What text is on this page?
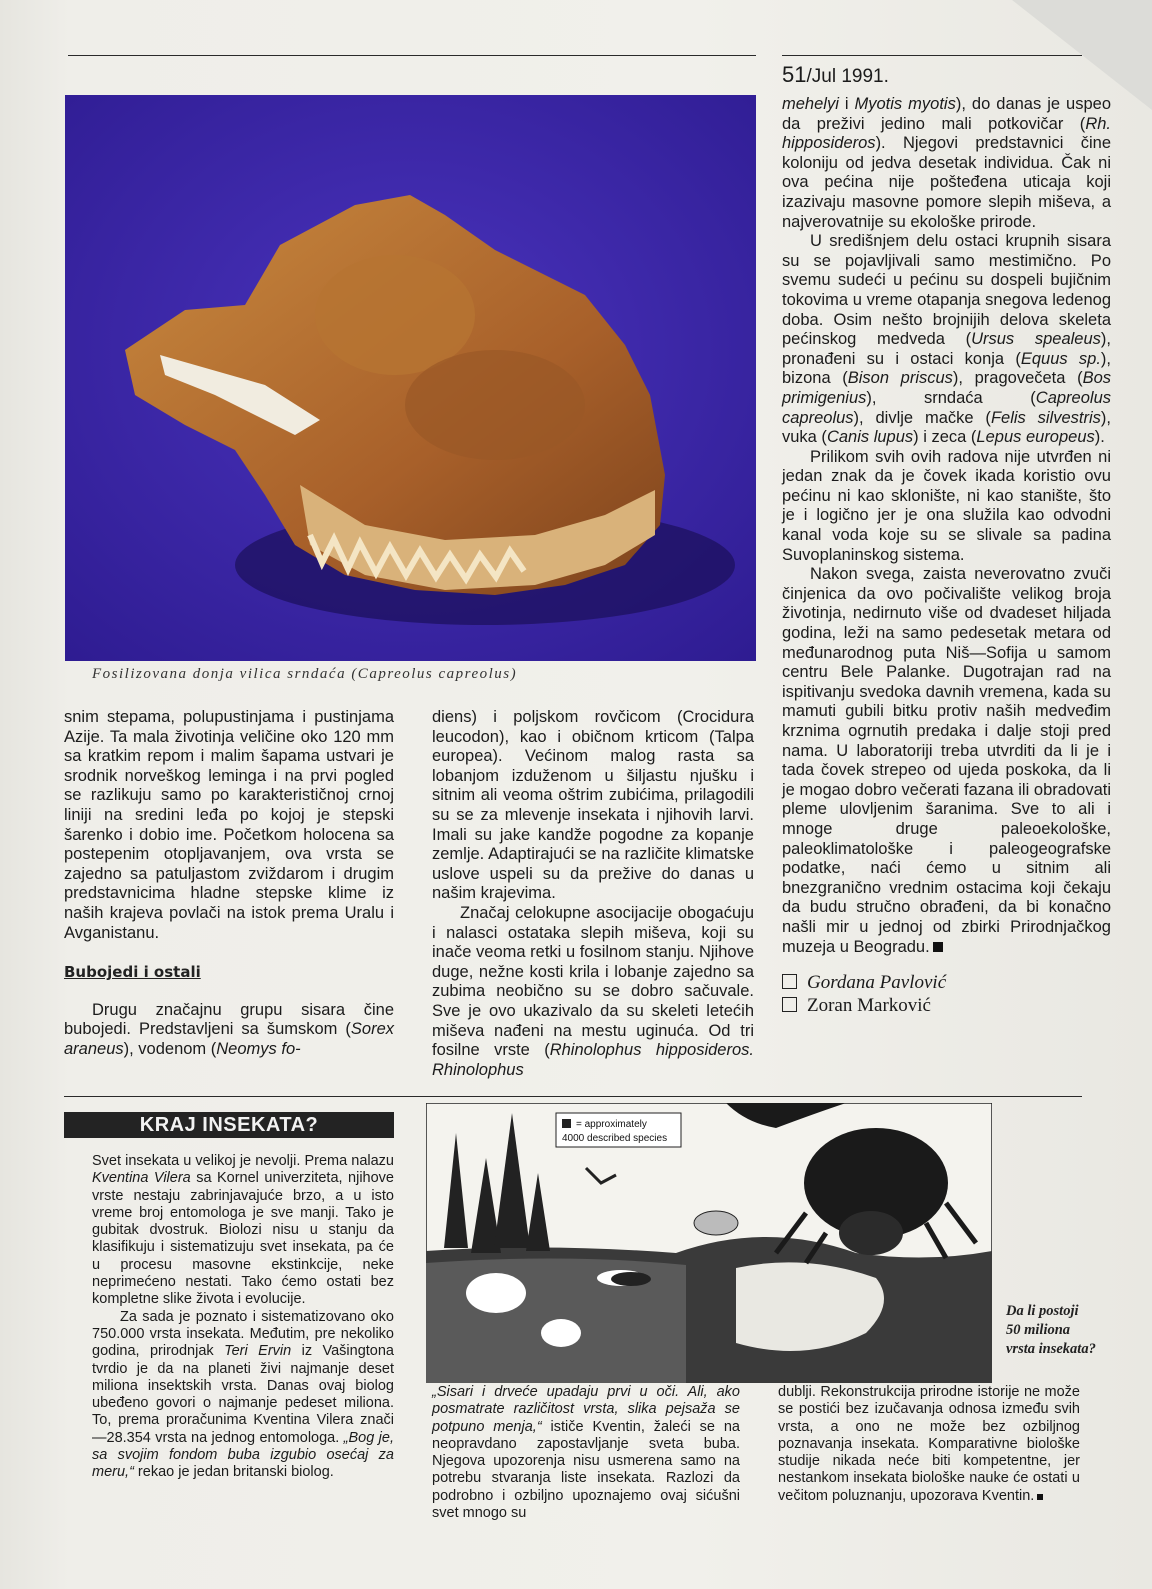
51/Jul 1991.
Fosilizovana donja vilica srndaća (Capreolus capreolus)

snim stepama, polupustinjama i pustinjama Azije. Ta mala životinja veličine oko 120 mm sa kratkim repom i malim šapama ustvari je srodnik norveškog leminga i na prvi pogled se razlikuju samo po karakterističnoj crnoj liniji na sredini leđa po kojoj je stepski šarenko i dobio ime. Početkom holocena sa postepenim otopljavanjem, ova vrsta se zajedno sa patuljastom zviždarom i drugim predstavnicima hladne stepske klime iz naših krajeva povlači na istok prema Uralu i Avganistanu.

Bubojedi i ostali

Drugu značajnu grupu sisara čine bubojedi. Predstavljeni sa šumskom (Sorex araneus), vodenom (Neomys fo-

diens) i poljskom rovčicom (Crocidura leucodon), kao i običnom krticom (Talpa europea). Većinom malog rasta sa lobanjom izduženom u šiljastu njušku i sitnim ali veoma oštrim zubićima, prilagodili su se za mlevenje insekata i njihovih larvi. Imali su jake kandže pogodne za kopanje zemlje. Adaptirajući se na različite klimatske uslove uspeli su da prežive do danas u našim krajevima.

Značaj celokupne asocijacije obogaćuju i nalasci ostataka slepih miševa, koji su inače veoma retki u fosilnom stanju. Njihove duge, nežne kosti krila i lobanje zajedno sa zubima neobično su se dobro sačuvale. Sve je ovo ukazivalo da su skeleti letećih miševa nađeni na mestu uginuća. Od tri fosilne vrste (Rhinolophus hipposideros. Rhinolophus

mehelyi i Myotis myotis), do danas je uspeo da preživi jedino mali potkovičar (Rh. hipposideros). Njegovi predstavnici čine koloniju od jedva desetak individua. Čak ni ova pećina nije pošteđena uticaja koji izazivaju masovne pomore slepih miševa, a najverovatnije su ekološke prirode.

U središnjem delu ostaci krupnih sisara su se pojavljivali samo mestimično. Po svemu sudeći u pećinu su dospeli bujičnim tokovima u vreme otapanja snegova ledenog doba. Osim nešto brojnijih delova skeleta pećinskog medveda (Ursus spealeus), pronađeni su i ostaci konja (Equus sp.), bizona (Bison priscus), pragovečeta (Bos primigenius), srndaća (Capreolus capreolus), divlje mačke (Felis silvestris), vuka (Canis lupus) i zeca (Lepus europeus).

Prilikom svih ovih radova nije utvrđen ni jedan znak da je čovek ikada koristio ovu pećinu ni kao sklonište, ni kao stanište, što je i logično jer je ona služila kao odvodni kanal voda koje su se slivale sa padina Suvoplaninskog sistema.

Nakon svega, zaista neverovatno zvuči činjenica da ovo počivalište velikog broja životinja, nedirnuto više od dvadeset hiljada godina, leži na samo pedesetak metara od međunarodnog puta Niš—Sofija u samom centru Bele Palanke. Dugotrajan rad na ispitivanju svedoka davnih vremena, kada su mamuti gubili bitku protiv naših medveđim krznima ogrnutih predaka i dalje stoji pred nama. U laboratoriji treba utvrditi da li je i tada čovek strepeo od ujeda poskoka, da li je mogao dobro večerati fazana ili obradovati pleme ulovljenim šaranima. Sve to ali i mnoge druge paleoekološke, paleoklimatološke i paleogeografske podatke, naći ćemo u sitnim ali bnezgranično vrednim ostacima koji čekaju da budu stručno obrađeni, da bi konačno našli mir u jednoj od zbirki Prirodnjačkog muzeja u Beogradu.

Gordana Pavlović
Zoran Marković
KRAJ INSEKATA?

Svet insekata u velikoj je nevolji. Prema nalazu Kventina Vilera sa Kornel univerziteta, njihove vrste nestaju zabrinjavajuće brzo, a u isto vreme broj entomologa je sve manji. Tako je gubitak dvostruk. Biolozi nisu u stanju da klasifikuju i sistematizuju svet insekata, pa će u procesu masovne ekstinkcije, neke neprimećeno nestati. Tako ćemo ostati bez kompletne slike života i evolucije.

Za sada je poznato i sistematizovano oko 750.000 vrsta insekata. Međutim, pre nekoliko godina, prirodnjak Teri Ervin iz Vašingtona tvrdio je da na planeti živi najmanje deset miliona insektskih vrsta. Danas ovaj biolog ubeđeno govori o najmanje pedeset miliona. To, prema proračunima Kventina Vilera znači—28.354 vrsta na jednog entomologa. „Bog je, sa svojim fondom buba izgubio osećaj za meru,“ rekao je jedan britanski biolog.

= approximately
4000 described species
Da li postoji 50 miliona vrsta insekata?

„Sisari i drveće upadaju prvi u oči. Ali, ako posmatrate različitost vrsta, slika pejsaža se potpuno menja,“ ističe Kventin, žaleći se na neopravdano zapostavljanje sveta buba. Njegova upozorenja nisu usmerena samo na potrebu stvaranja liste insekata. Razlozi da podrobno i ozbiljno upoznajemo ovaj sićušni svet mnogo su

dublji. Rekonstrukcija prirodne istorije ne može se postići bez izučavanja odnosa između svih vrsta, a ono ne može bez ozbiljnog poznavanja insekata. Komparativne biološke studije nikada neće biti kompetentne, jer nestankom insekata biološke nauke će ostati u večitom poluznanju, upozorava Kventin.
